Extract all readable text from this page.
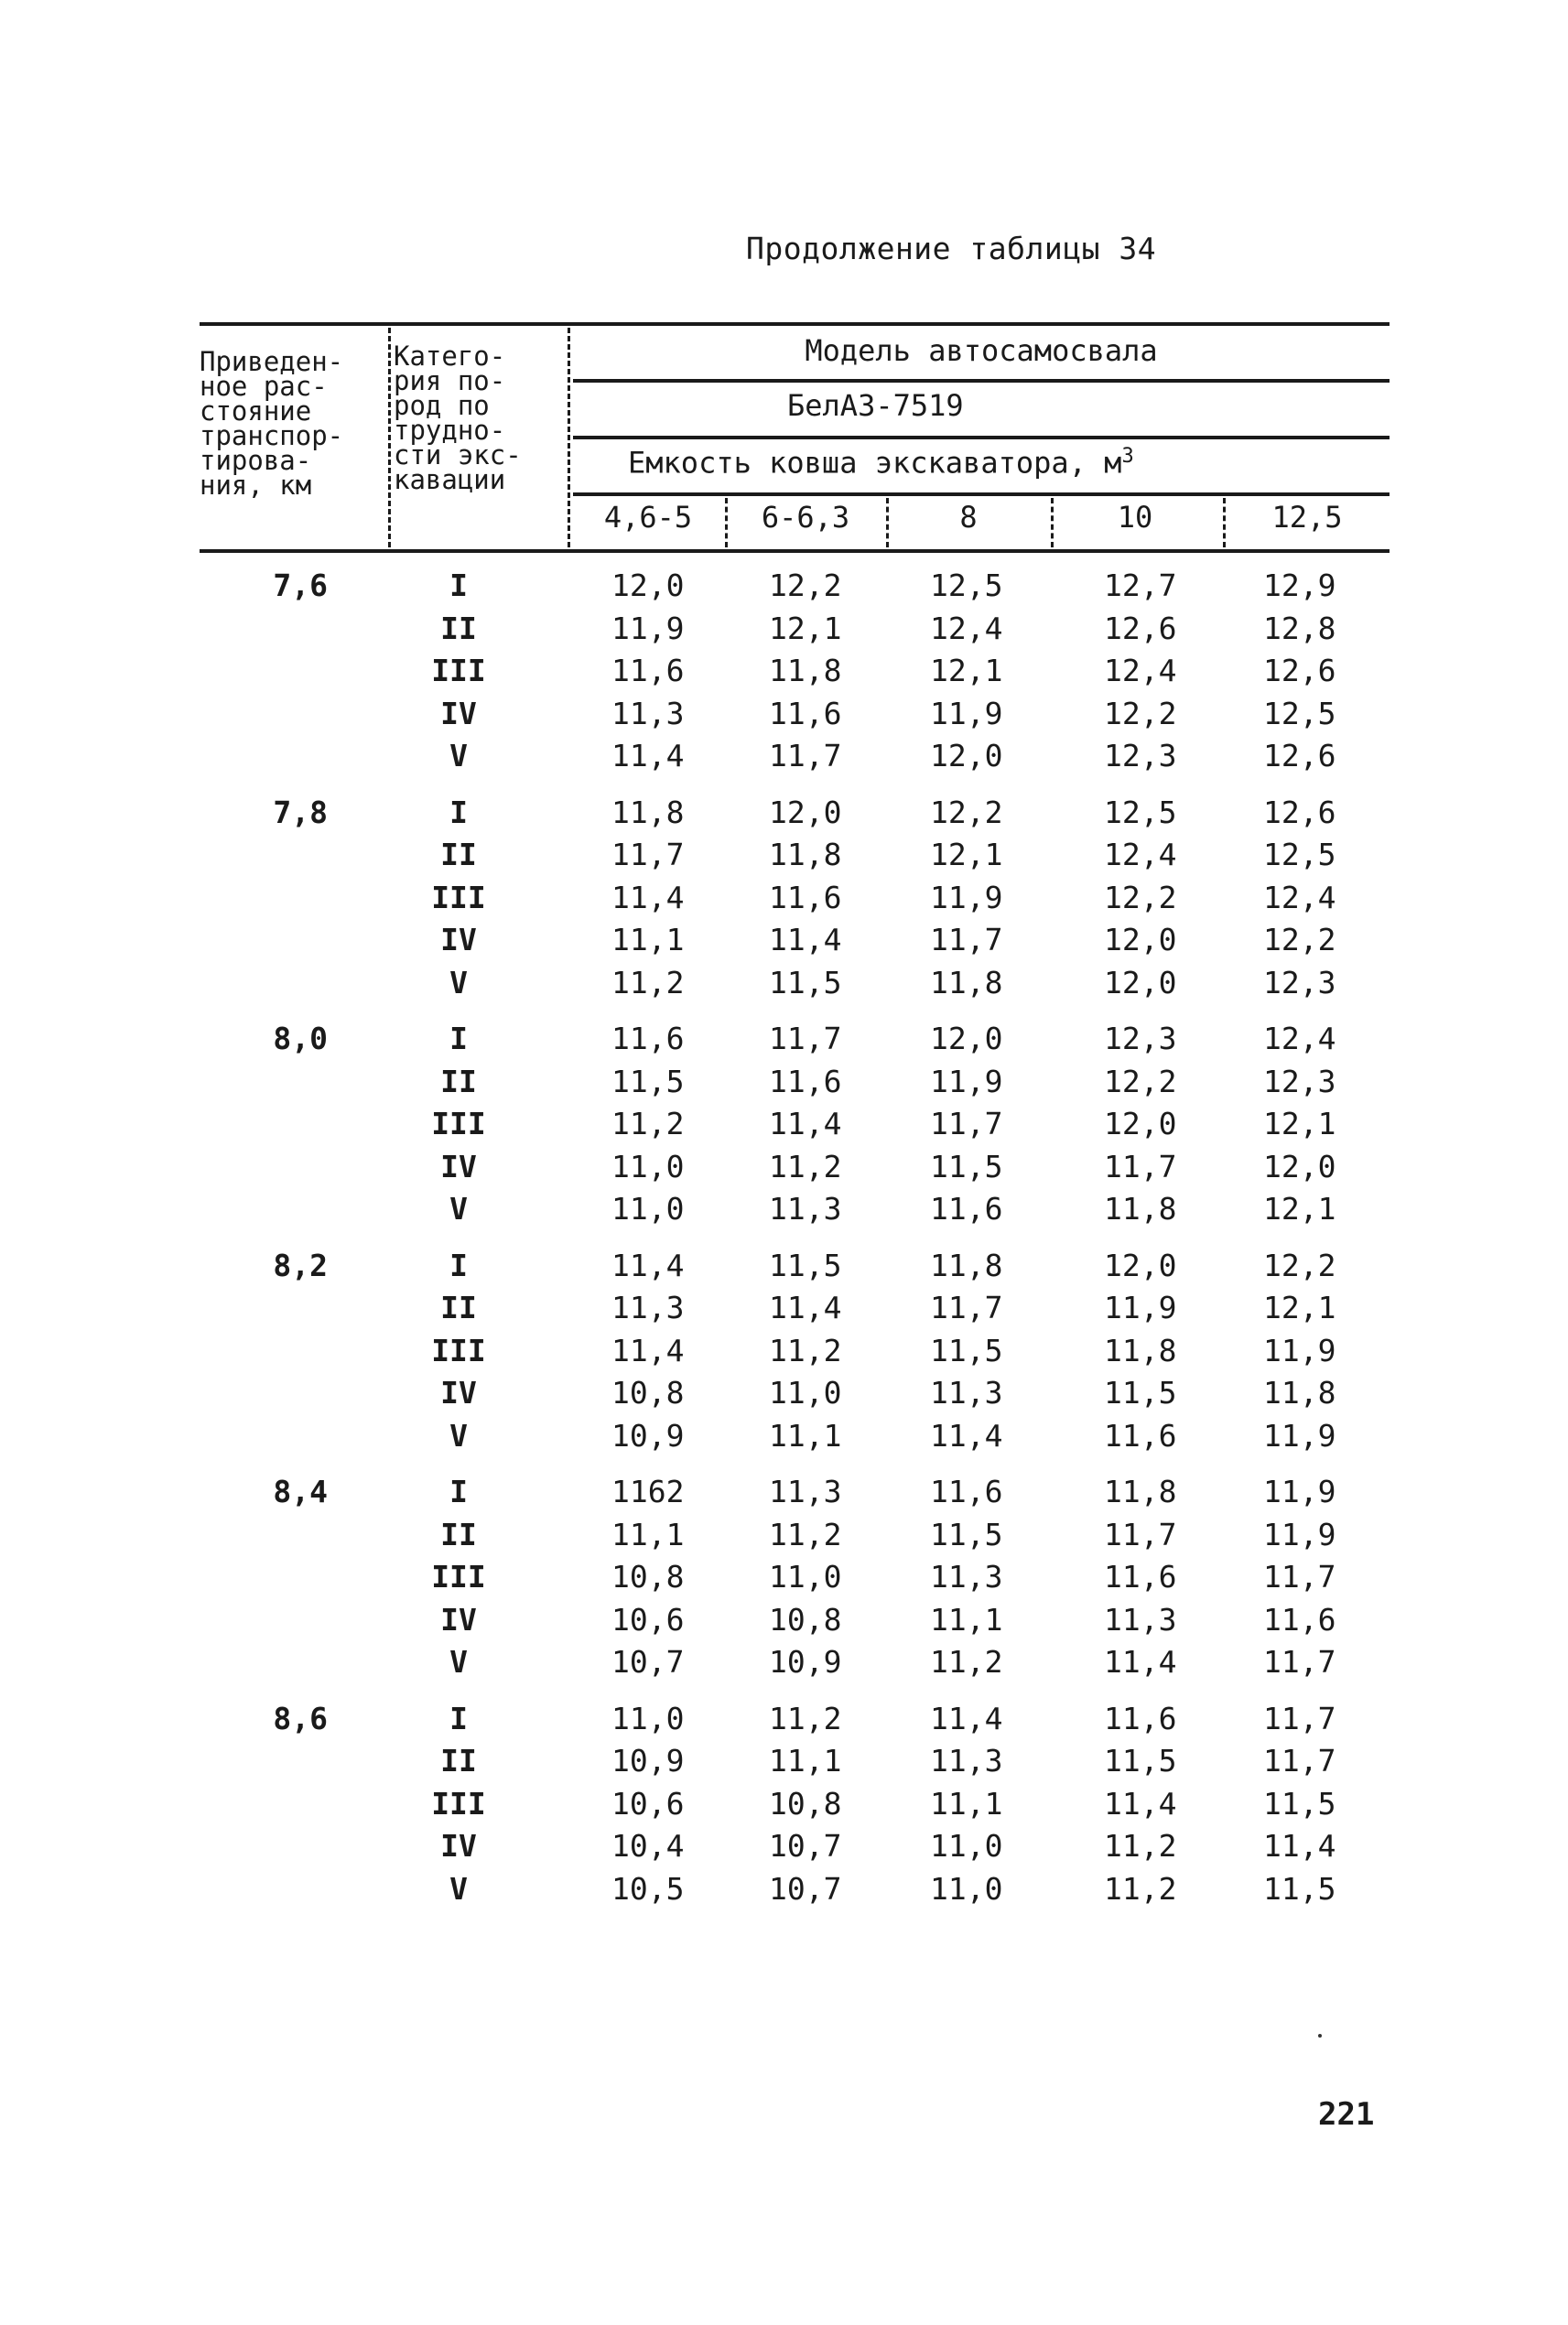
Продолжение таблицы 34
Приведен-
ное рас-
стояние
транспор-
тирова-
ния, км
Катего-
рия по-
род по
трудно-
сти экс-
кавации
Модель автосамосвала
БелАЗ-7519
Емкость ковша экскаватора, $м^3$
4,6-5	6-6,3	8	10	12,5
7,6	I	12,0	12,2	12,5	12,7	12,9
II	11,9	12,1	12,4	12,6	12,8
III	11,6	11,8	12,1	12,4	12,6
IV	11,3	11,6	11,9	12,2	12,5
V	11,4	11,7	12,0	12,3	12,6
7,8	I	11,8	12,0	12,2	12,5	12,6
II	11,7	11,8	12,1	12,4	12,5
III	11,4	11,6	11,9	12,2	12,4
IV	11,1	11,4	11,7	12,0	12,2
V	11,2	11,5	11,8	12,0	12,3
8,0	I	11,6	11,7	12,0	12,3	12,4
II	11,5	11,6	11,9	12,2	12,3
III	11,2	11,4	11,7	12,0	12,1
IV	11,0	11,2	11,5	11,7	12,0
V	11,0	11,3	11,6	11,8	12,1
8,2	I	11,4	11,5	11,8	12,0	12,2
II	11,3	11,4	11,7	11,9	12,1
III	11,4	11,2	11,5	11,8	11,9
IV	10,8	11,0	11,3	11,5	11,8
V	10,9	11,1	11,4	11,6	11,9
8,4	I	1162	11,3	11,6	11,8	11,9
II	11,1	11,2	11,5	11,7	11,9
III	10,8	11,0	11,3	11,6	11,7
IV	10,6	10,8	11,1	11,3	11,6
V	10,7	10,9	11,2	11,4	11,7
8,6	I	11,0	11,2	11,4	11,6	11,7
II	10,9	11,1	11,3	11,5	11,7
III	10,6	10,8	11,1	11,4	11,5
IV	10,4	10,7	11,0	11,2	11,4
V	10,5	10,7	11,0	11,2	11,5
221
